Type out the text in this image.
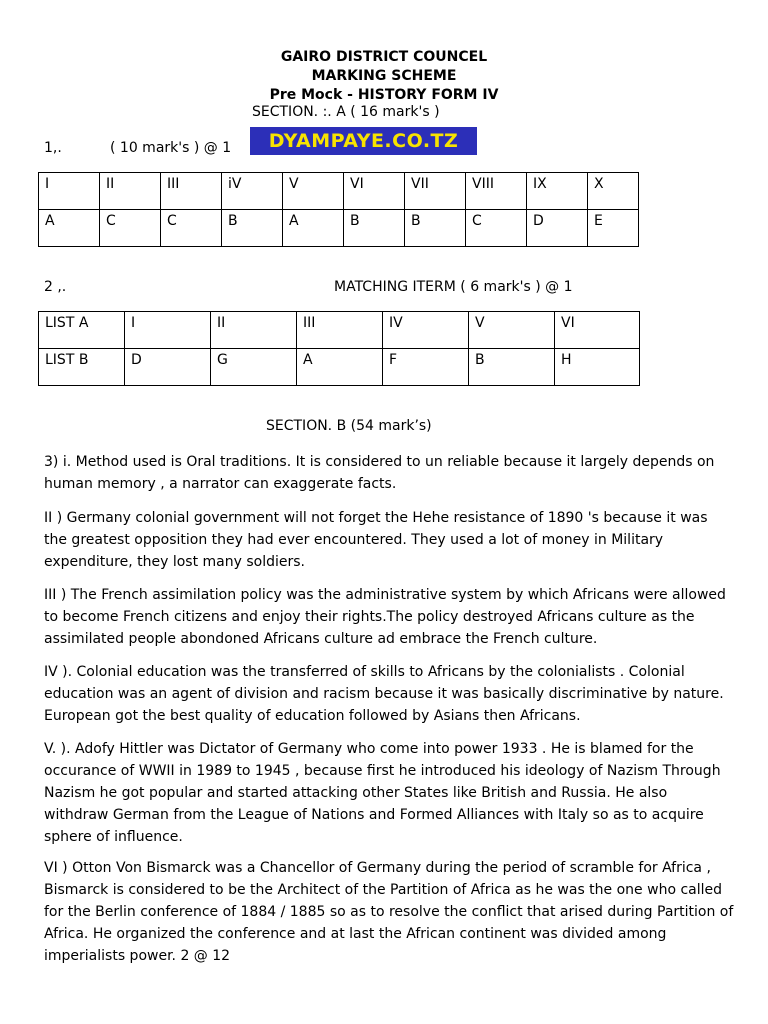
GAIRO DISTRICT COUNCEL
MARKING SCHEME
Pre Mock - HISTORY FORM IV
SECTION. :. A ( 16 mark's )
1,.	( 10 mark's ) @ 1	DYAMPAYE.CO.TZ
I	II	III	iV	V	VI	VII	VIII	IX	X
A	C	C	B	A	B	B	C	D	E
2 ,.	MATCHING ITERM ( 6 mark's ) @ 1
LIST A	I	II	III	IV	V	VI
LIST B	D	G	A	F	B	H
SECTION. B (54 mark’s)
3) i. Method used is Oral traditions. It is considered to un reliable because it largely depends on human memory , a narrator can exaggerate facts.
II ) Germany colonial government will not forget the Hehe resistance of 1890 's because it was the greatest opposition they had ever encountered. They used a lot of money in Military expenditure, they lost many soldiers.
III ) The French assimilation policy was the administrative system by which Africans were allowed to become French citizens and enjoy their rights.The policy destroyed Africans culture as the assimilated people abondoned Africans culture ad embrace the French culture.
IV ). Colonial education was the transferred of skills to Africans by the colonialists . Colonial education was an agent of division and racism because it was basically discriminative by nature. European got the best quality of education followed by Asians then Africans.
V. ). Adofy Hittler was Dictator of Germany who come into power 1933 . He is blamed for the occurance of WWII in 1989 to 1945 , because first he introduced his ideology of Nazism Through Nazism he got popular and started attacking other States like British and Russia. He also withdraw German from the League of Nations and Formed Alliances with Italy so as to acquire sphere of influence.
VI ) Otton Von Bismarck was a Chancellor of Germany during the period of scramble for Africa , Bismarck is considered to be the Architect of the Partition of Africa as he was the one who called for the Berlin conference of 1884 / 1885 so as to resolve the conflict that arised during Partition of Africa. He organized the conference and at last the African continent was divided among imperialists power. 2 @ 12
